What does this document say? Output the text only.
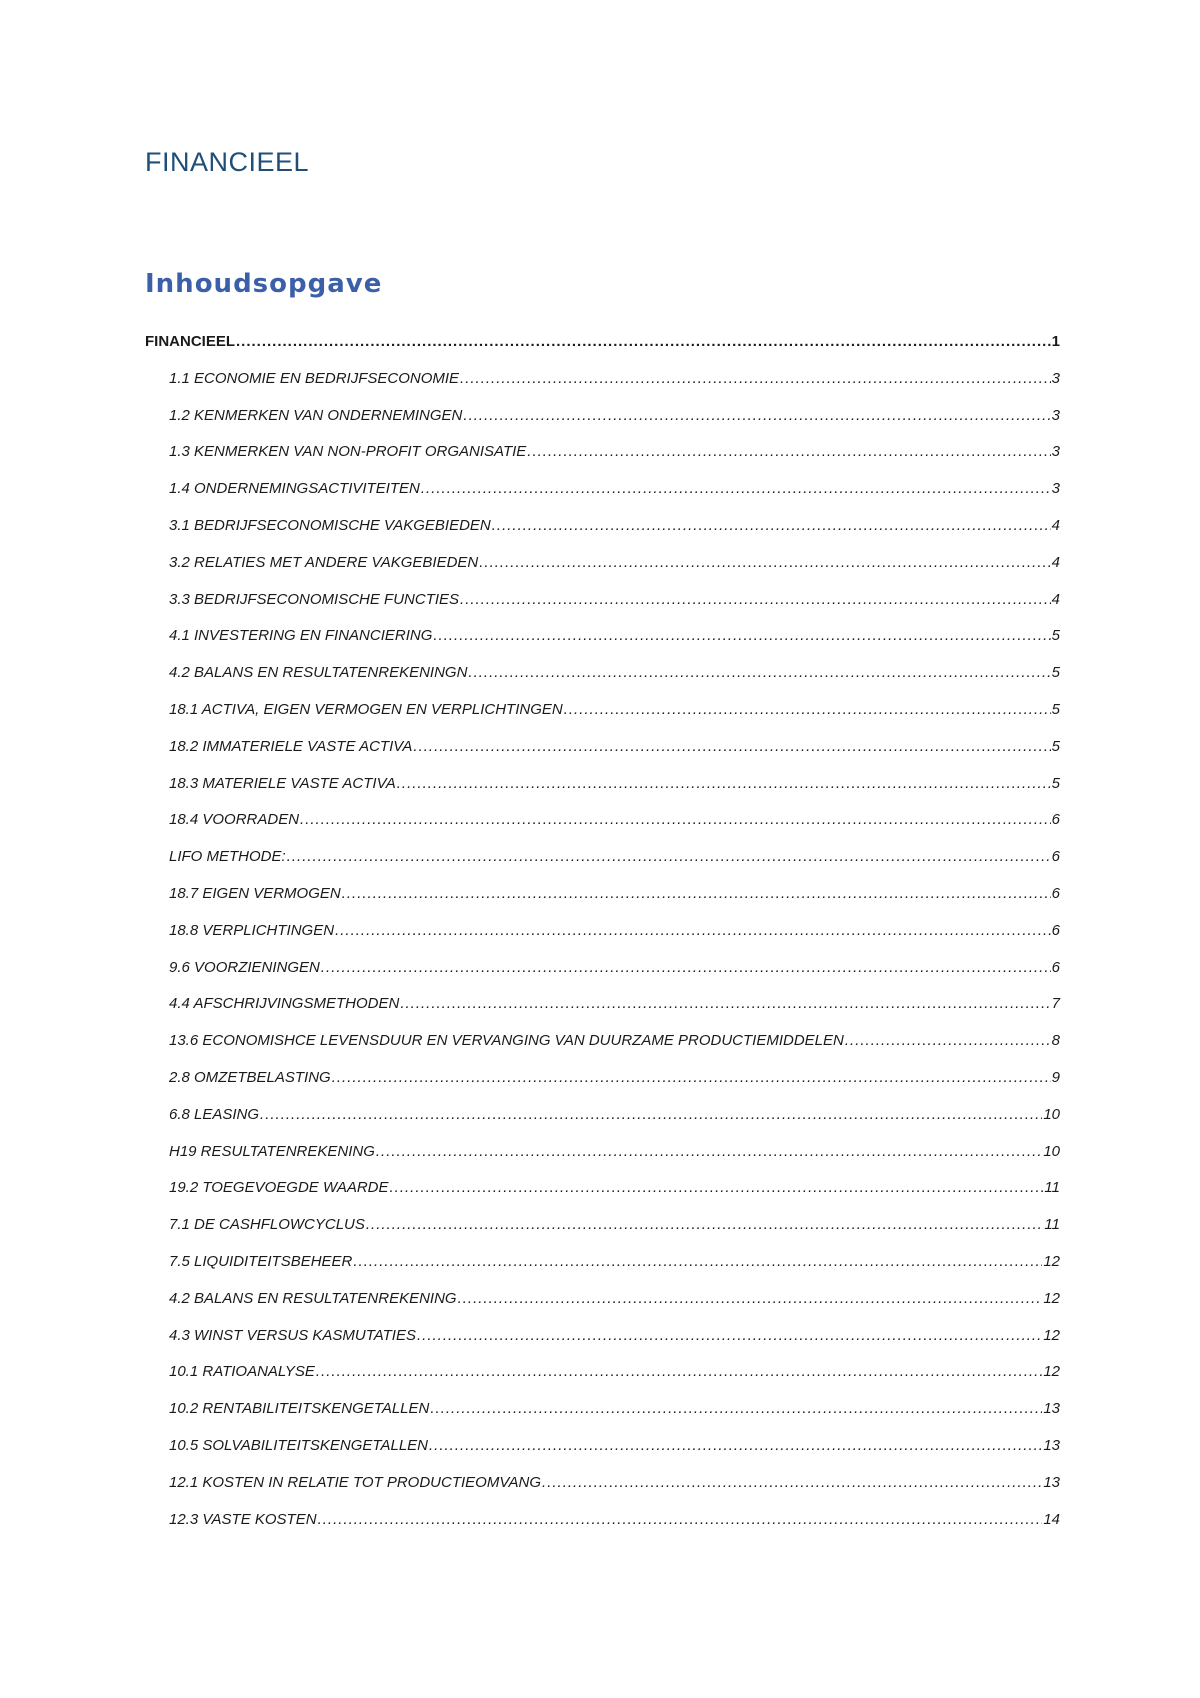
FINANCIEEL
Inhoudsopgave
FINANCIEEL .....	1
1.1 ECONOMIE EN BEDRIJFSECONOMIE .....	3
1.2 KENMERKEN VAN ONDERNEMINGEN .....	3
1.3 KENMERKEN VAN NON-PROFIT ORGANISATIE .....	3
1.4 ONDERNEMINGSACTIVITEITEN .....	3
3.1 BEDRIJFSECONOMISCHE VAKGEBIEDEN .....	4
3.2 RELATIES MET ANDERE VAKGEBIEDEN .....	4
3.3 BEDRIJFSECONOMISCHE FUNCTIES .....	4
4.1 INVESTERING EN FINANCIERING .....	5
4.2 BALANS EN RESULTATENREKENINGN .....	5
18.1 ACTIVA, EIGEN VERMOGEN EN VERPLICHTINGEN .....	5
18.2 IMMATERIELE VASTE ACTIVA .....	5
18.3 MATERIELE VASTE ACTIVA .....	5
18.4 VOORRADEN .....	6
LIFO METHODE: .....	6
18.7 EIGEN VERMOGEN .....	6
18.8 VERPLICHTINGEN .....	6
9.6 VOORZIENINGEN .....	6
4.4 AFSCHRIJVINGSMETHODEN .....	7
13.6 ECONOMISHCE LEVENSDUUR EN VERVANGING VAN DUURZAME PRODUCTIEMIDDELEN .....	8
2.8 OMZETBELASTING .....	9
6.8 LEASING .....	10
H19 RESULTATENREKENING .....	10
19.2 TOEGEVOEGDE WAARDE .....	11
7.1 DE CASHFLOWCYCLUS .....	11
7.5 LIQUIDITEITSBEHEER .....	12
4.2 BALANS EN RESULTATENREKENING .....	12
4.3 WINST VERSUS KASMUTATIES .....	12
10.1 RATIOANALYSE .....	12
10.2 RENTABILITEITSKENGETALLEN .....	13
10.5 SOLVABILITEITSKENGETALLEN .....	13
12.1 KOSTEN IN RELATIE TOT PRODUCTIEOMVANG .....	13
12.3 VASTE KOSTEN .....	14
